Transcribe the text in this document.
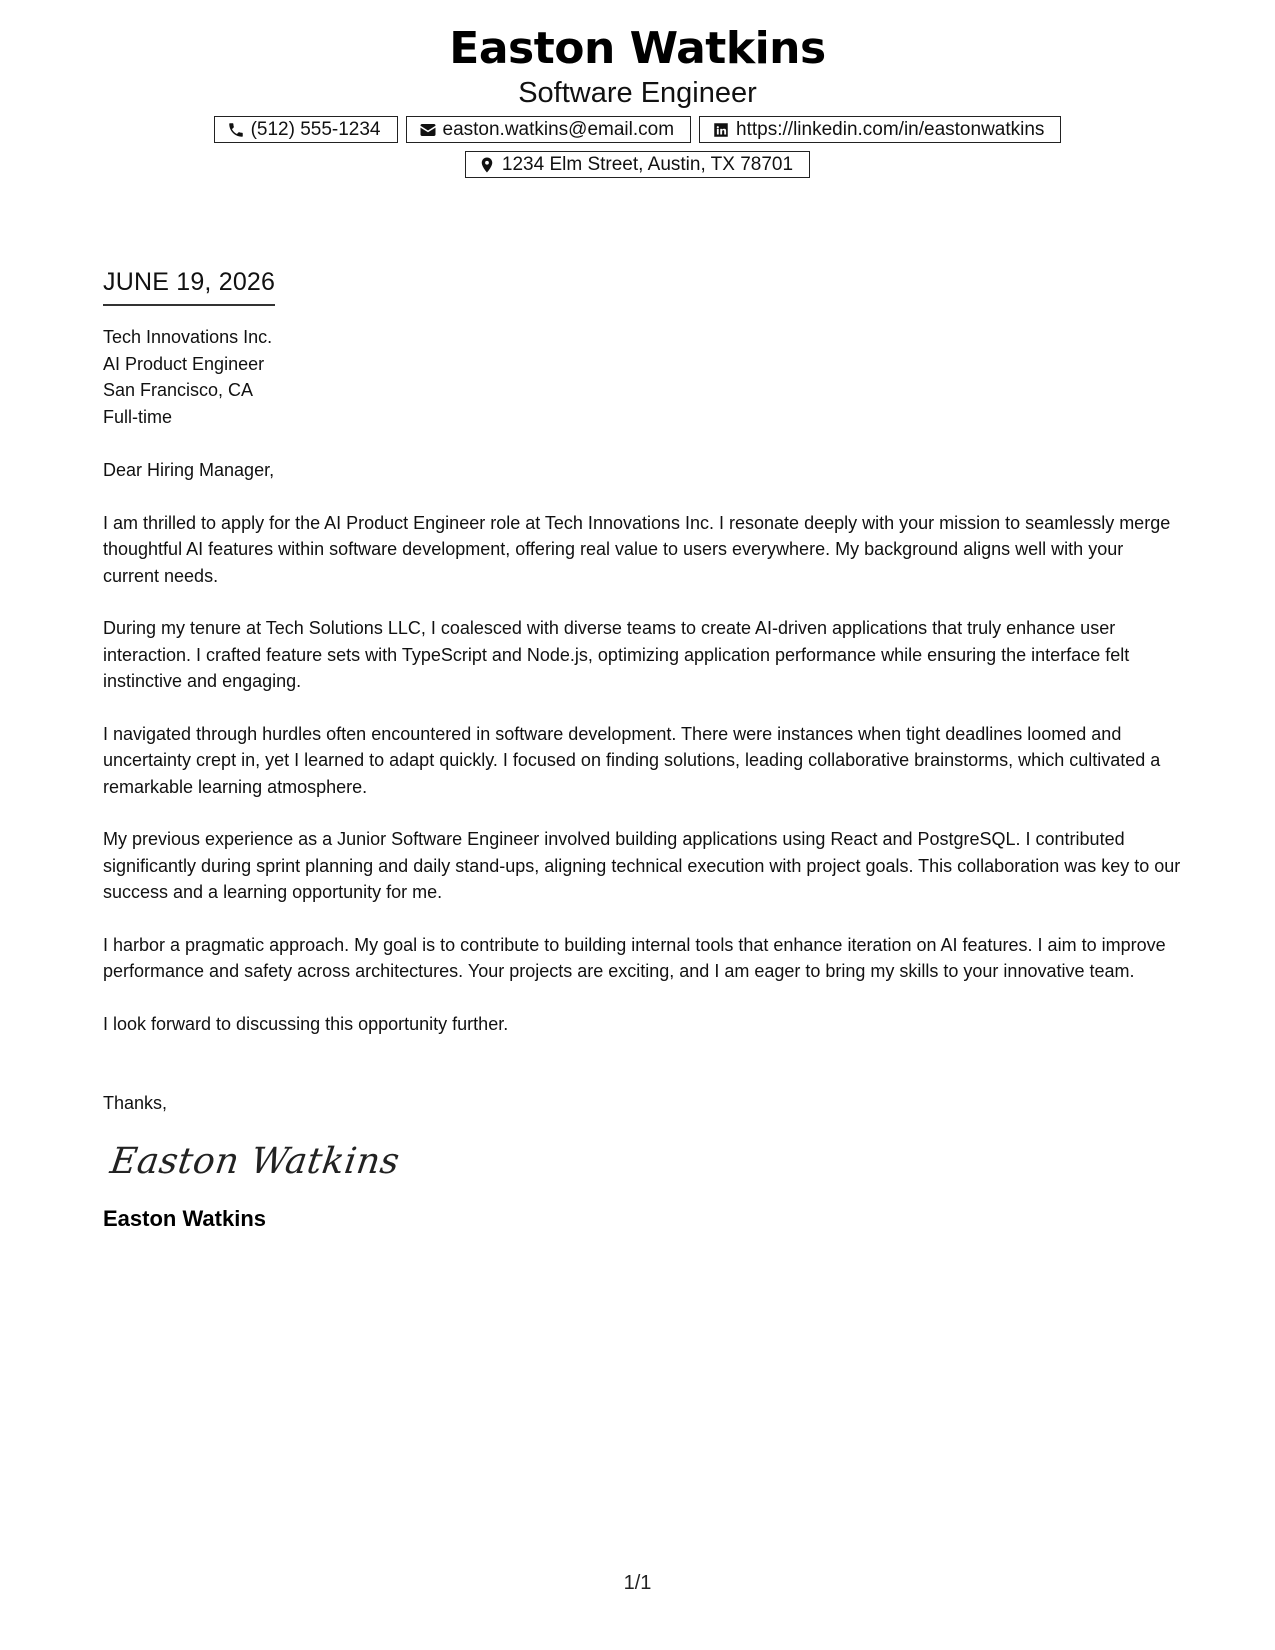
Easton Watkins
Software Engineer
(512) 555-1234	easton.watkins@email.com	https://linkedin.com/in/eastonwatkins
1234 Elm Street, Austin, TX 78701
JUNE 19, 2026
Tech Innovations Inc.
AI Product Engineer
San Francisco, CA
Full-time
Dear Hiring Manager,
I am thrilled to apply for the AI Product Engineer role at Tech Innovations Inc. I resonate deeply with your mission to seamlessly merge thoughtful AI features within software development, offering real value to users everywhere. My background aligns well with your current needs.
During my tenure at Tech Solutions LLC, I coalesced with diverse teams to create AI-driven applications that truly enhance user interaction. I crafted feature sets with TypeScript and Node.js, optimizing application performance while ensuring the interface felt instinctive and engaging.
I navigated through hurdles often encountered in software development. There were instances when tight deadlines loomed and uncertainty crept in, yet I learned to adapt quickly. I focused on finding solutions, leading collaborative brainstorms, which cultivated a remarkable learning atmosphere.
My previous experience as a Junior Software Engineer involved building applications using React and PostgreSQL. I contributed significantly during sprint planning and daily stand-ups, aligning technical execution with project goals. This collaboration was key to our success and a learning opportunity for me.
I harbor a pragmatic approach. My goal is to contribute to building internal tools that enhance iteration on AI features. I aim to improve performance and safety across architectures. Your projects are exciting, and I am eager to bring my skills to your innovative team.
I look forward to discussing this opportunity further.
Thanks,
Easton Watkins
Easton Watkins
1/1
